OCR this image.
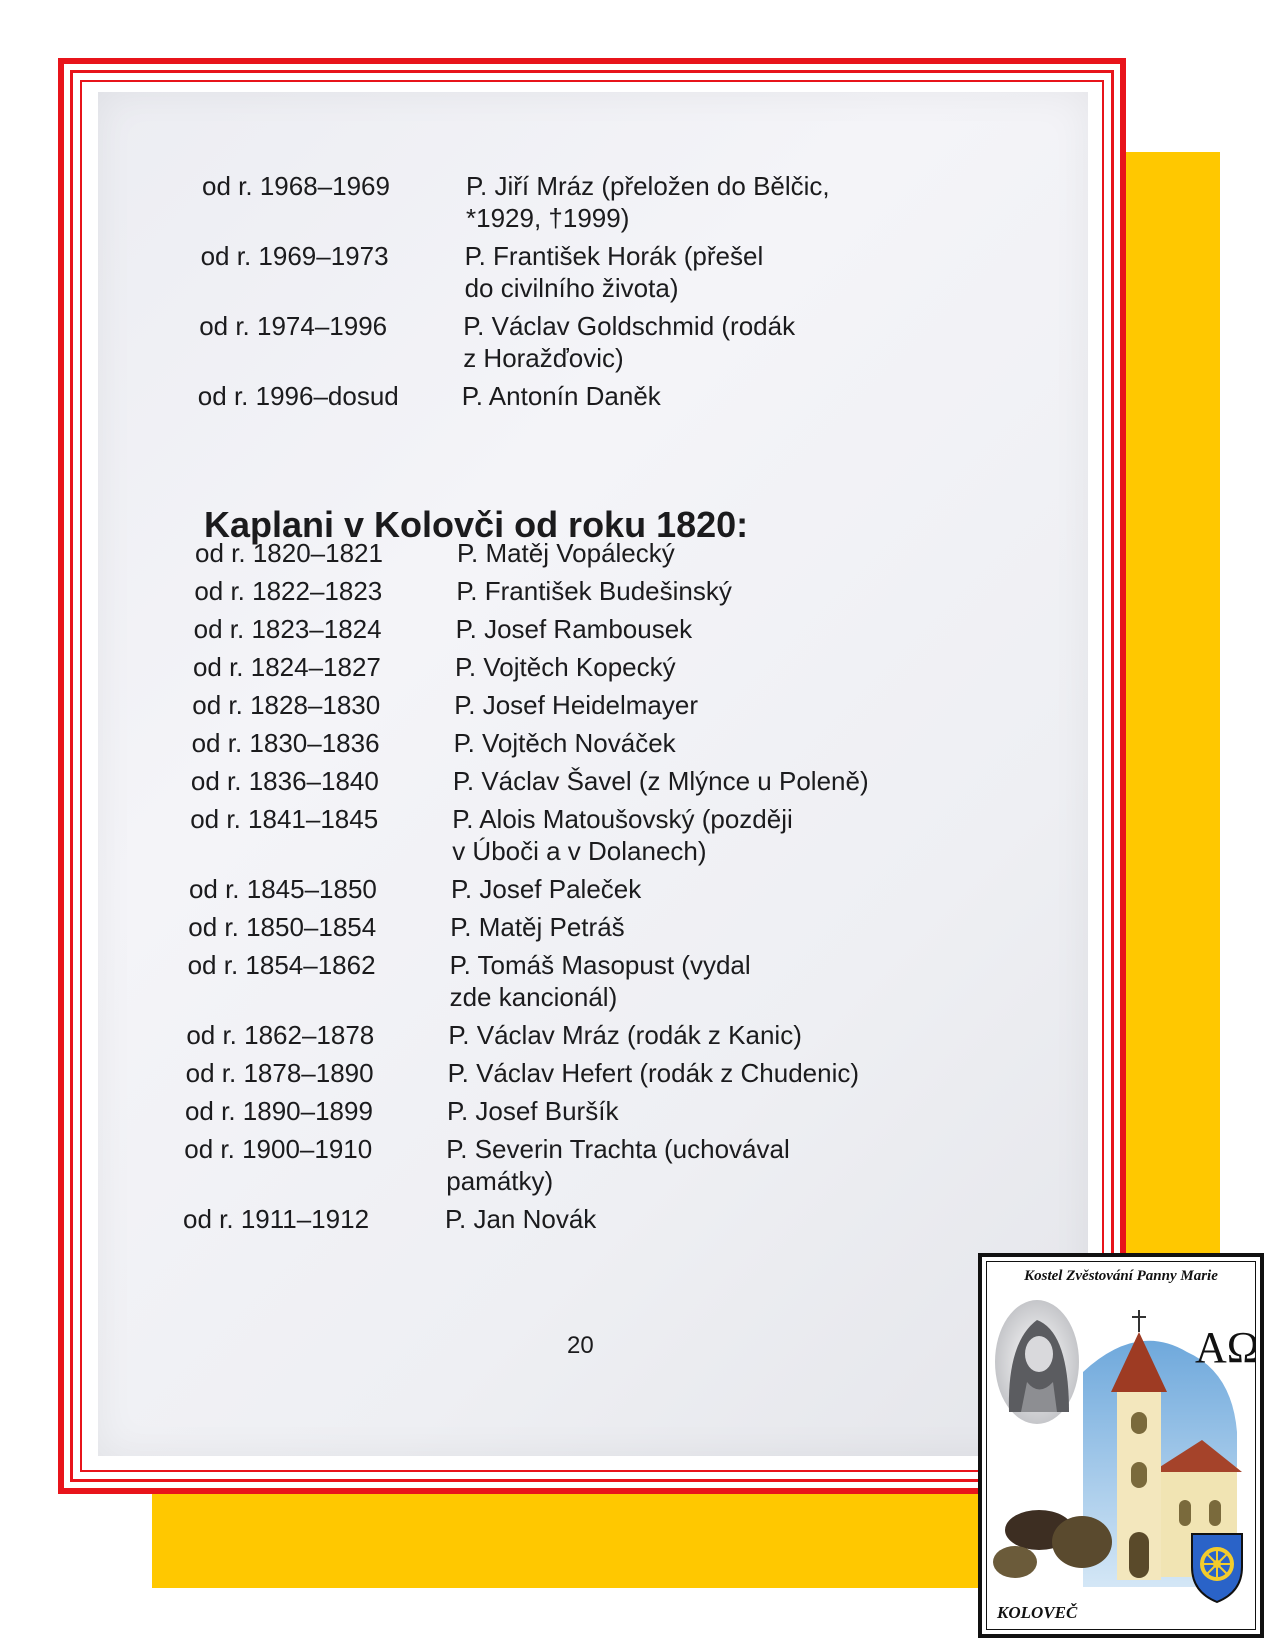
od r. 1968–1969	P. Jiří Mráz (přeložen do Bělčic,
*1929, †1999)
od r. 1969–1973	P. František Horák (přešel
do civilního života)
od r. 1974–1996	P. Václav Goldschmid (rodák
z Horažďovic)
od r. 1996–dosud P. Antonín Daněk
Kaplani v Kolovči od roku 1820:
od r. 1820–1821	P. Matěj Vopálecký
od r. 1822–1823	P. František Budešinský
od r. 1823–1824	P. Josef Rambousek
od r. 1824–1827	P. Vojtěch Kopecký
od r. 1828–1830	P. Josef Heidelmayer
od r. 1830–1836	P. Vojtěch Nováček
od r. 1836–1840	P. Václav Šavel (z Mlýnce u Poleně)
od r. 1841–1845	P. Alois Matoušovský (později
v Úboči a v Dolanech)
od r. 1845–1850	P. Josef Paleček
od r. 1850–1854	P. Matěj Petráš
od r. 1854–1862	P. Tomáš Masopust (vydal
zde kancionál)
od r. 1862–1878	P. Václav Mráz (rodák z Kanic)
od r. 1878–1890	P. Václav Hefert (rodák z Chudenic)
od r. 1890–1899	P. Josef Buršík
od r. 1900–1910	P. Severin Trachta (uchovával
památky)
od r. 1911–1912	P. Jan Novák
20
Kostel Zvěstování Panny Marie
AΩ
KOLOVEČ
